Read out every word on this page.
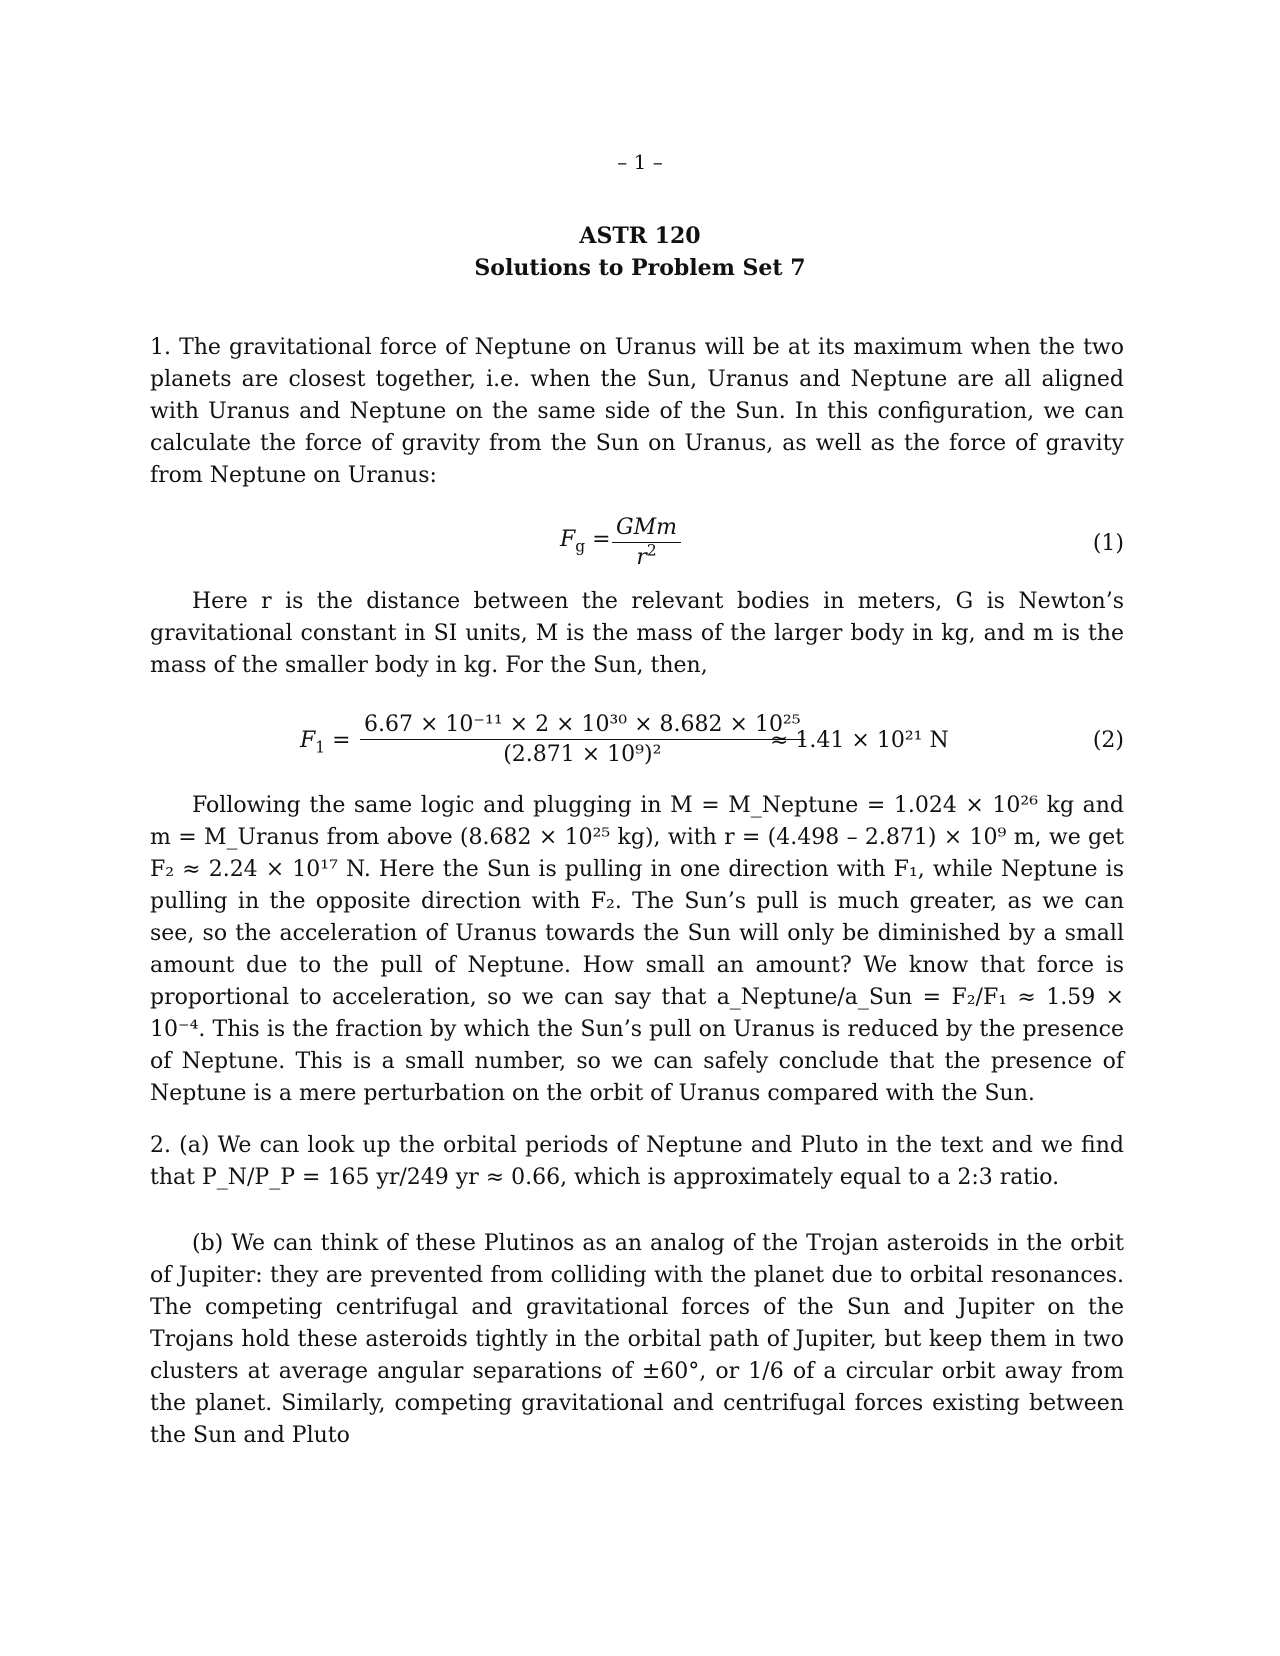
– 1 –
ASTR 120
Solutions to Problem Set 7

1. The gravitational force of Neptune on Uranus will be at its maximum when the two planets are closest together, i.e. when the Sun, Uranus and Neptune are all aligned with Uranus and Neptune on the same side of the Sun. In this configuration, we can calculate the force of gravity from the Sun on Uranus, as well as the force of gravity from Neptune on Uranus:

$F_g$ = GMm
$r^2$	(1)

Here r is the distance between the relevant bodies in meters, G is Newton’s gravitational constant in SI units, M is the mass of the larger body in kg, and m is the mass of the smaller body in kg. For the Sun, then,

$F_1 = \frac{\text{6.67 × 10⁻¹¹ × 2 × 10³⁰ × 8.682 × 10²⁵}}{\text{(2.871 × 10⁹)²}}$
≈ 1.41 × 10²¹ N	(2)

Following the same logic and plugging in M = M_Neptune = 1.024 × 10²⁶ kg and m = M_Uranus from above (8.682 × 10²⁵ kg), with r = (4.498 – 2.871) × 10⁹ m, we get F₂ ≈ 2.24 × 10¹⁷ N. Here the Sun is pulling in one direction with F₁, while Neptune is pulling in the opposite direction with F₂. The Sun’s pull is much greater, as we can see, so the acceleration of Uranus towards the Sun will only be diminished by a small amount due to the pull of Neptune. How small an amount? We know that force is proportional to acceleration, so we can say that a_Neptune/a_Sun = F₂/F₁ ≈ 1.59 × 10⁻⁴. This is the fraction by which the Sun’s pull on Uranus is reduced by the presence of Neptune. This is a small number, so we can safely conclude that the presence of Neptune is a mere perturbation on the orbit of Uranus compared with the Sun.

2. (a) We can look up the orbital periods of Neptune and Pluto in the text and we find that P_N/P_P = 165 yr/249 yr ≈ 0.66, which is approximately equal to a 2:3 ratio.

(b) We can think of these Plutinos as an analog of the Trojan asteroids in the orbit of Jupiter: they are prevented from colliding with the planet due to orbital resonances. The competing centrifugal and gravitational forces of the Sun and Jupiter on the Trojans hold these asteroids tightly in the orbital path of Jupiter, but keep them in two clusters at average angular separations of ±60°, or 1/6 of a circular orbit away from the planet. Similarly, competing gravitational and centrifugal forces existing between the Sun and Pluto
